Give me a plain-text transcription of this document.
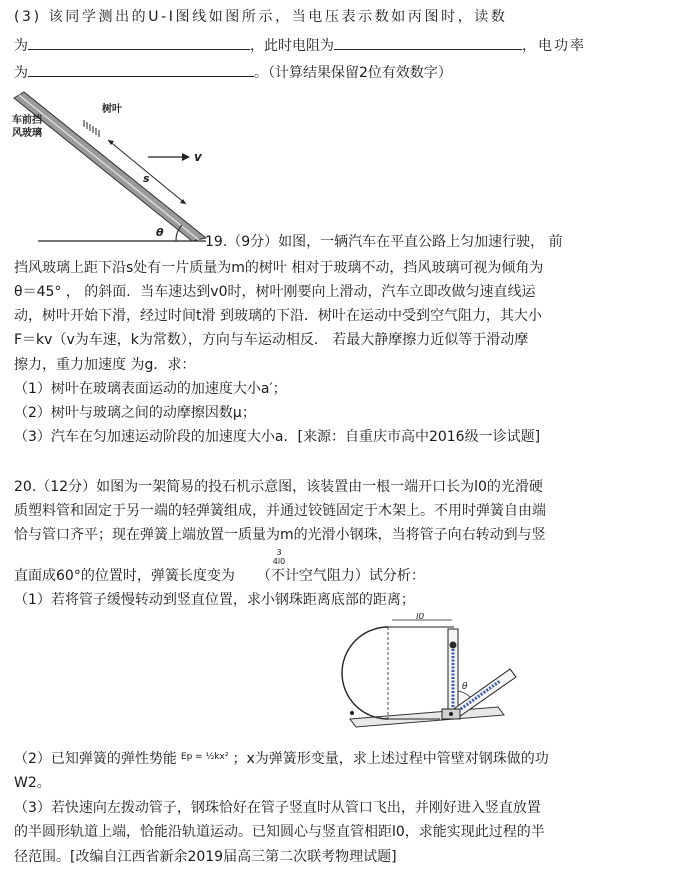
(3) 该同学测出的U-I图线如图所示，当电压表示数如丙图时，读数
为	，此时电阻为	，电功率
为	。（计算结果保留2位有效数字）
树叶
车前挡
风玻璃
s
v
θ
19.（9分）如图，一辆汽车在平直公路上匀加速行驶， 前
挡风玻璃上距下沿s处有一片质量为m的树叶 相对于玻璃不动，挡风玻璃可视为倾角为
θ＝45° ， 的斜面．当车速达到v0时，树叶刚要向上滑动，汽车立即改做匀速直线运
动，树叶开始下滑，经过时间t滑 到玻璃的下沿．树叶在运动中受到空气阻力，其大小
F＝kv（v为车速，k为常数），方向与车运动相反． 若最大静摩擦力近似等于滑动摩
擦力，重力加速度 为g．求：
（1）树叶在玻璃表面运动的加速度大小a′；
（2）树叶与玻璃之间的动摩擦因数μ；
（3）汽车在匀加速运动阶段的加速度大小a．[来源：自重庆市高中2016级一诊试题]
20.（12分）如图为一架简易的投石机示意图，该装置由一根一端开口长为l0的光滑硬
质塑料管和固定于另一端的轻弹簧组成，并通过铰链固定于木架上。不用时弹簧自由端
恰与管口齐平；现在弹簧上端放置一质量为m的光滑小钢珠，当将管子向右转动到与竖
3
4l0
直面成60°的位置时，弹簧长度变为 （不计空气阻力）试分析：
（1）若将管子缓慢转动到竖直位置，求小钢珠距离底部的距离；
l0
θ
（2）已知弹簧的弹性势能 $^{Ep = \frac{1}{2}kx^2}$ ；x为弹簧形变量，求上述过程中管壁对钢珠做的功
W2。
（3）若快速向左拨动管子，钢珠恰好在管子竖直时从管口飞出，并刚好进入竖直放置
的半圆形轨道上端，恰能沿轨道运动。已知圆心与竖直管相距l0，求能实现此过程的半
径范围。[改编自江西省新余2019届高三第二次联考物理试题]
